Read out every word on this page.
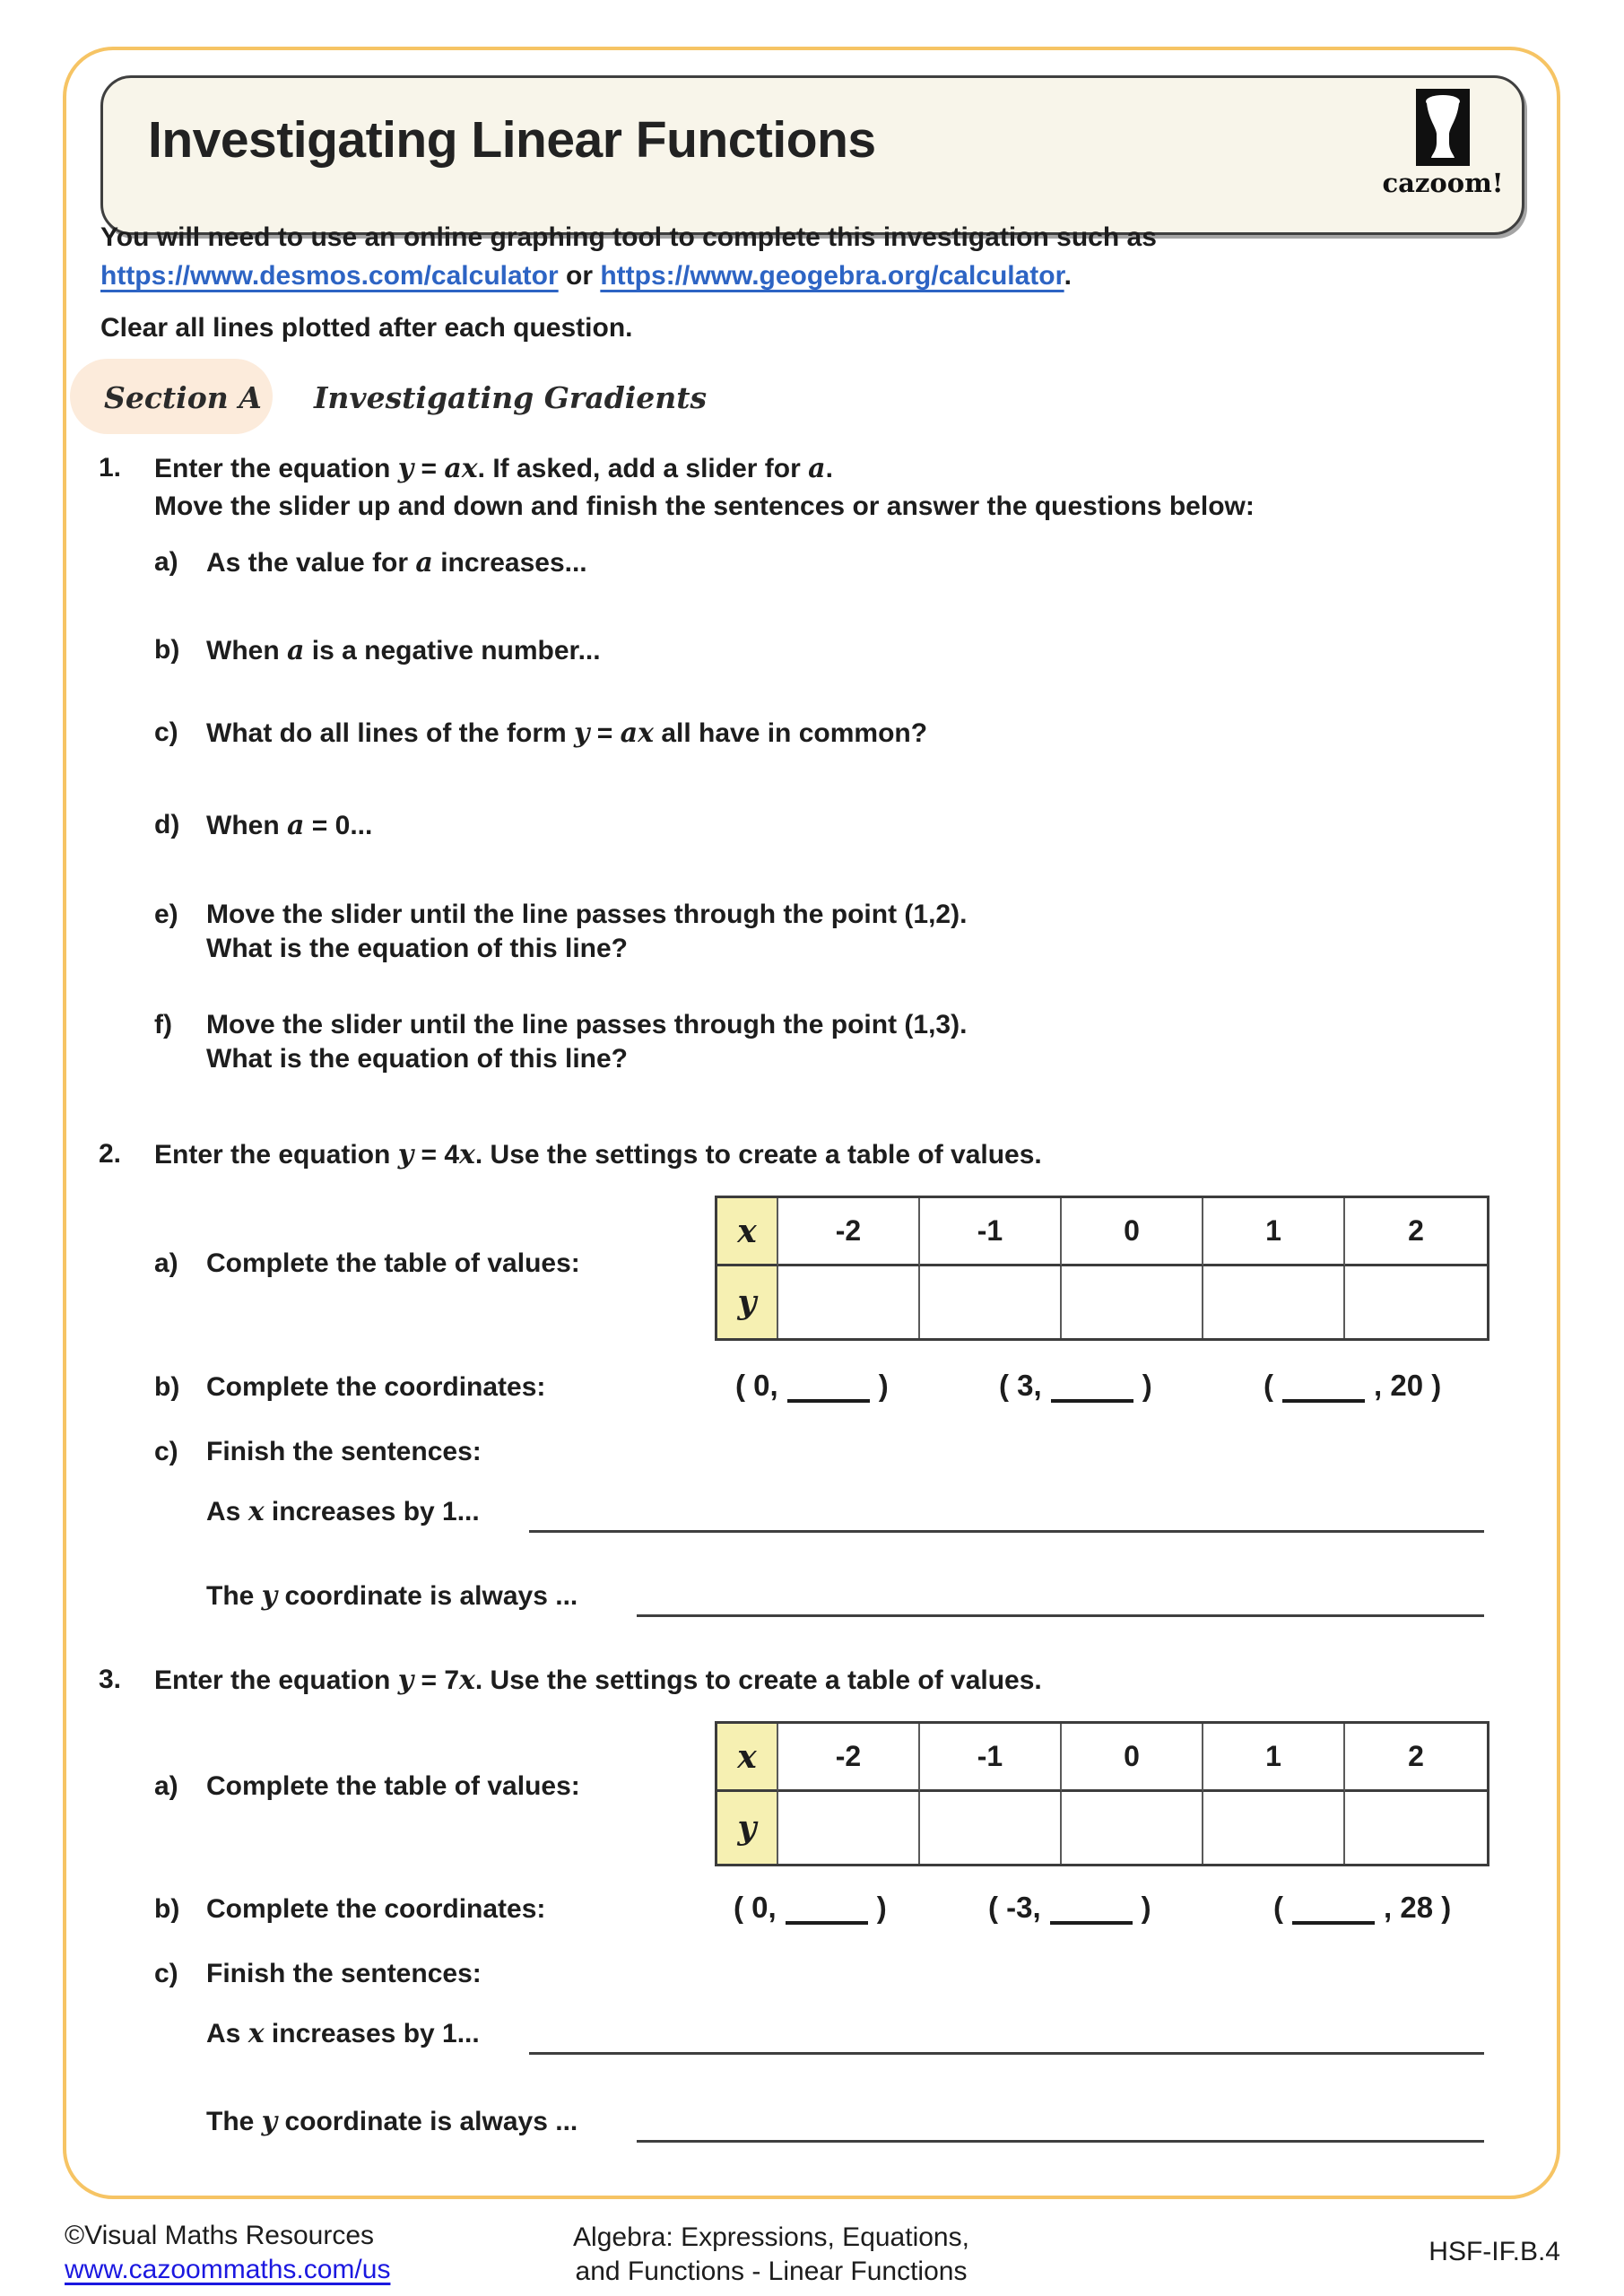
Investigating Linear Functions
cazoom!
You will need to use an online graphing tool to complete this investigation such as
https://www.desmos.com/calculator or https://www.geogebra.org/calculator.
Clear all lines plotted after each question.
Section A Investigating Gradients
1.	Enter the equation y = ax. If asked, add a slider for a.
Move the slider up and down and finish the sentences or answer the questions below:
a)	As the value for a increases...
b) When a is a negative number...
c)	What do all lines of the form y = ax all have in common?
d) When a = 0...
e)	Move the slider until the line passes through the point (1,2).
What is the equation of this line?
f)	Move the slider until the line passes through the point (1,3).
What is the equation of this line?
2.	Enter the equation y = 4x. Use the settings to create a table of values.
a)	Complete the table of values:
x	-2	-1	0	1	2
y
b) Complete the coordinates:	( 0,	)	( 3,	)	(	, 20 )
c)	Finish the sentences:
As x increases by 1...
The y coordinate is always ...
3.	Enter the equation y = 7x. Use the settings to create a table of values.
a)	Complete the table of values:
x	-2	-1	0	1	2
y
b) Complete the coordinates:	( 0,	)	( -3,	)	(	, 28 )
c)	Finish the sentences:
As x increases by 1...
The y coordinate is always ...
©Visual Maths Resources
www.cazoommaths.com/us
Algebra: Expressions, Equations,
and Functions - Linear Functions
HSF-IF.B.4
